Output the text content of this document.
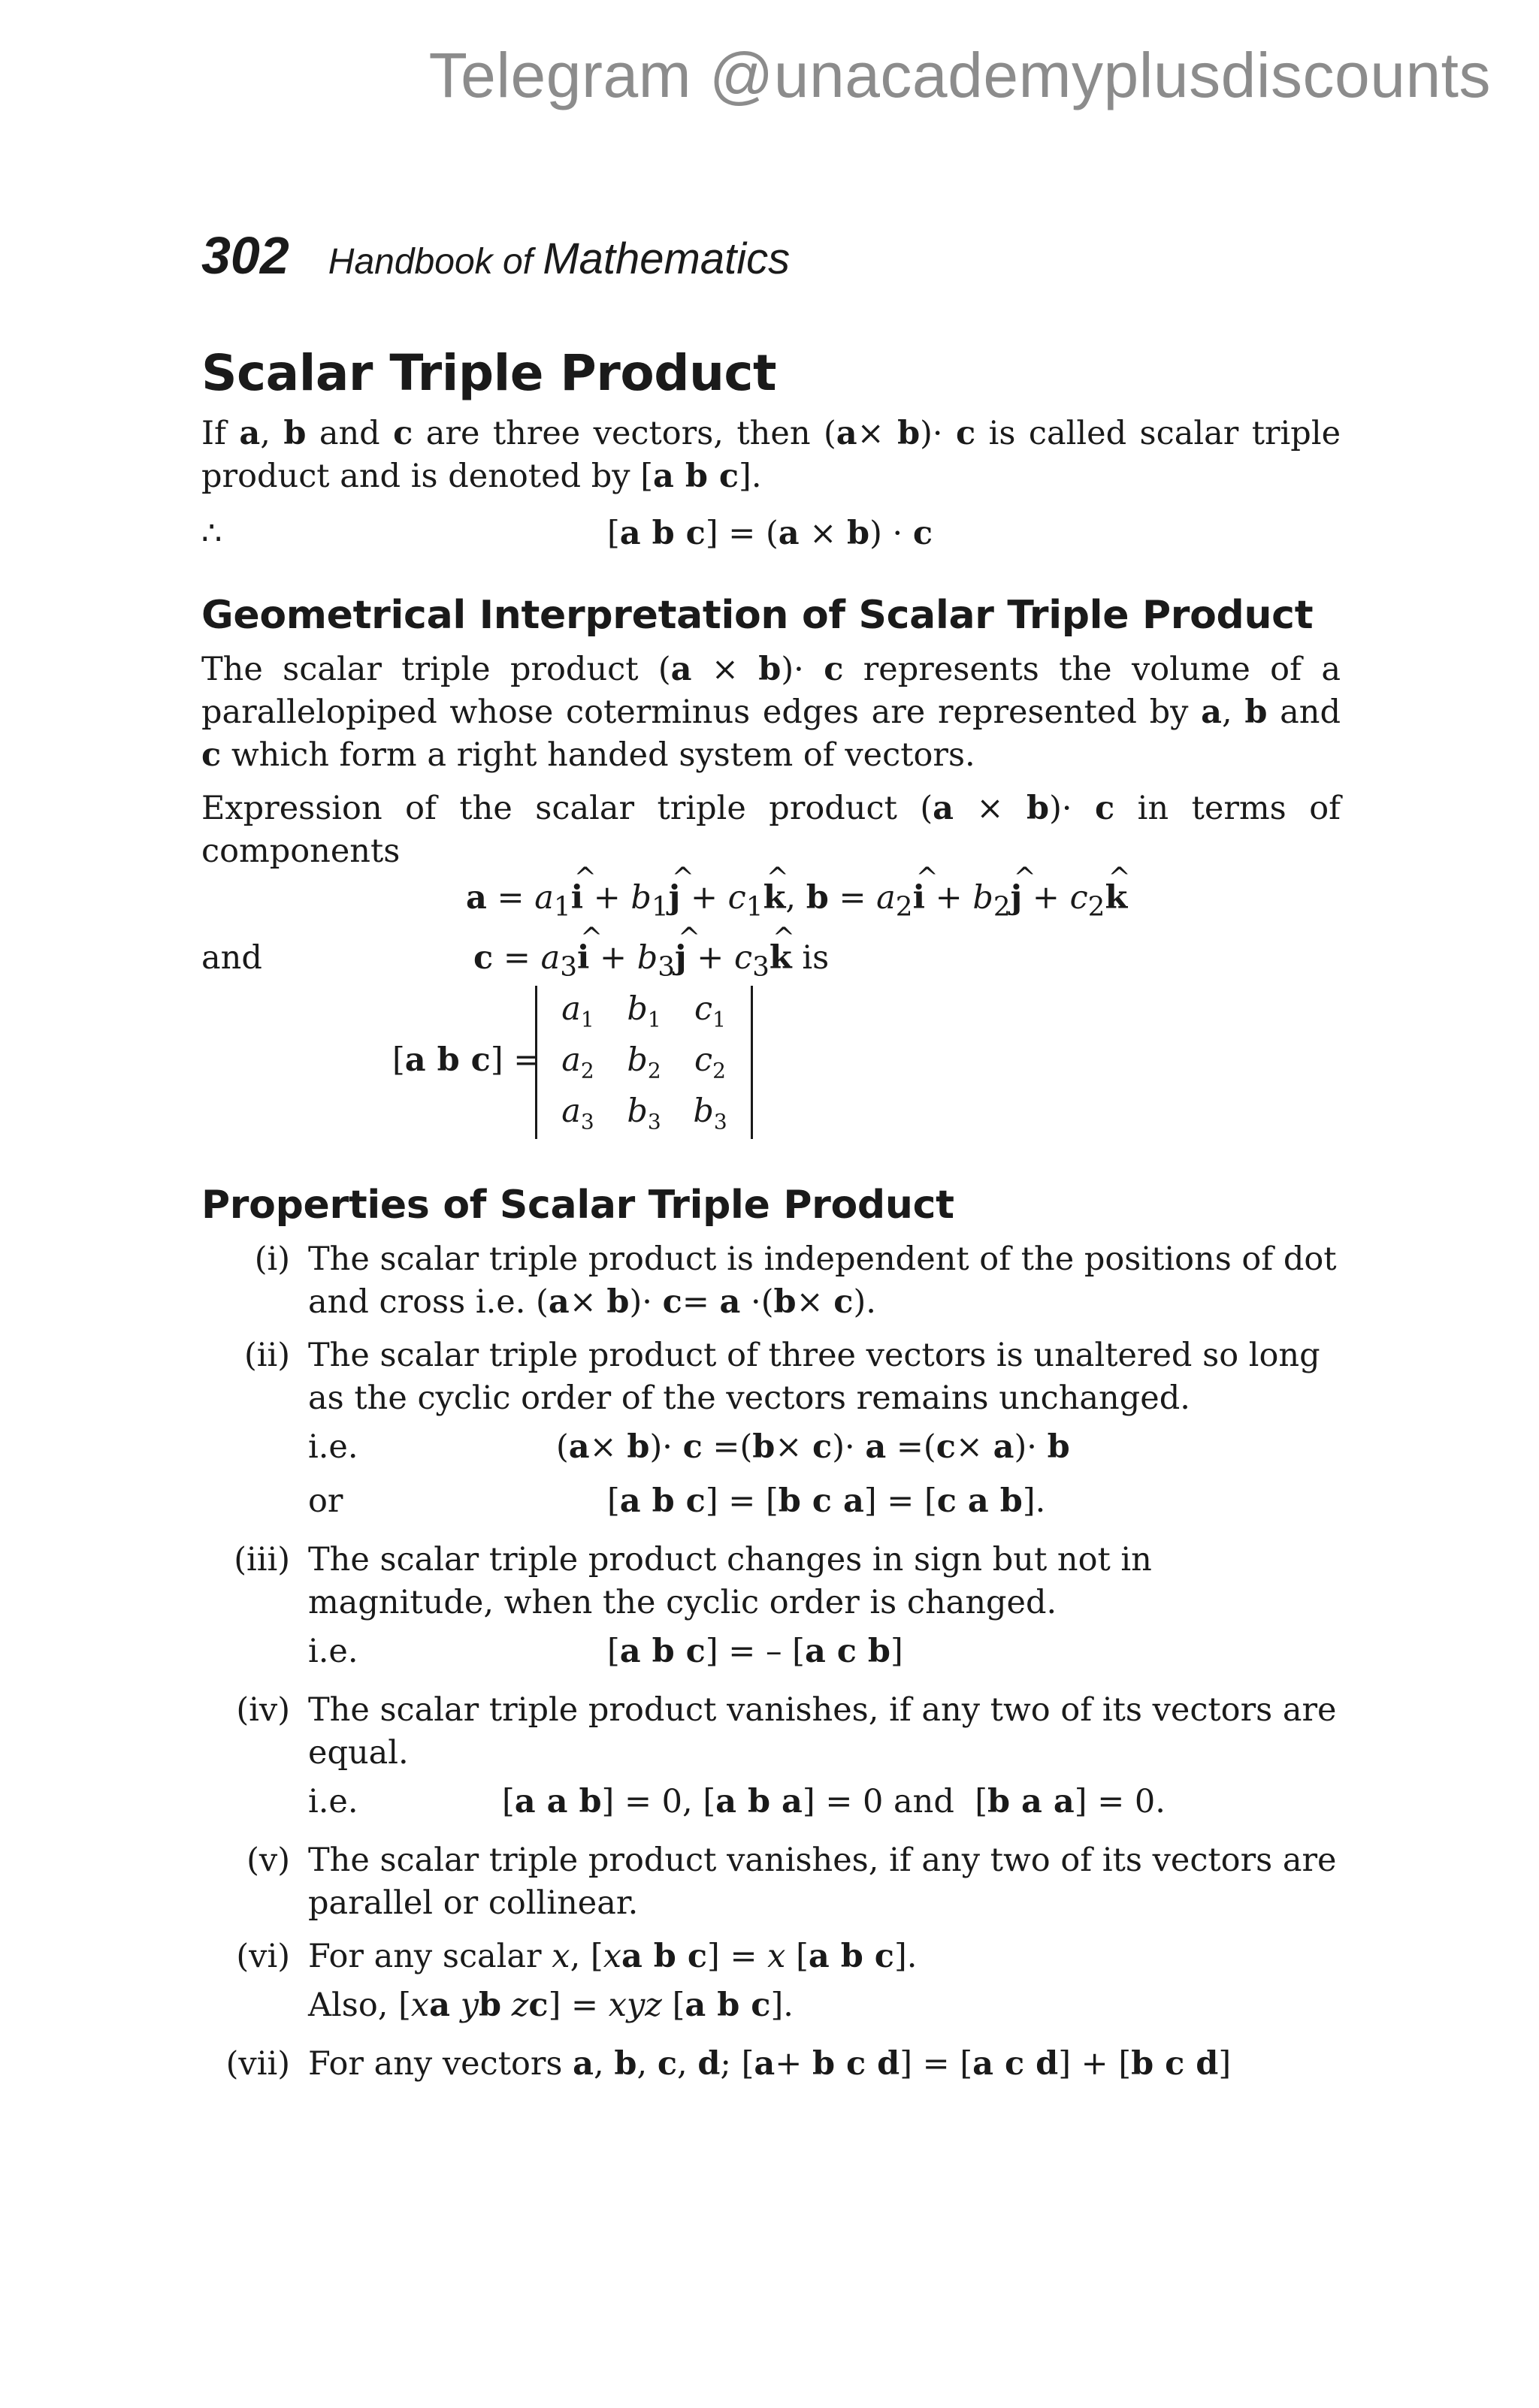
Telegram @unacademyplusdiscounts
302 Handbook of Mathematics
Scalar Triple Product

If a, b and c are three vectors, then (a× b)· c is called scalar triple product and is denoted by [a b c].

∴	[a b c] = (a × b) · c
Geometrical Interpretation of Scalar Triple Product

The scalar triple product (a × b)· c represents the volume of a parallelopiped whose coterminus edges are represented by a, b and c which form a right handed system of vectors.

Expression of the scalar triple product (a × b)· c in terms of components

$a = a_1\^{}$ $i + b_1\^{}$ $j + c_1\^{}$ k, $b = a_2\^{}$ $i + b_2\^{}$ $j + c_2\^{}$ k
and	$c = a_3\^{}$ $i + b_3\^{}$ $j + c_3\^{}$ k is
[a b c] =
$a_1$	$b_1$	$c_1$
$a_2$	$b_2$	$c_2$
$a_3$	$b_3$	$b_3$
Properties of Scalar Triple Product
(i) The scalar triple product is independent of the positions of dot and cross i.e. (a× b)· c= a ·(b× c).
(ii) The scalar triple product of three vectors is unaltered so long as the cyclic order of the vectors remains unchanged.
i.e.	(a× b)· c =(b× c)· a =(c× a)· b
or	[a b c] = [b c a] = [c a b].
(iii) The scalar triple product changes in sign but not in magnitude, when the cyclic order is changed.
i.e.	[a b c] = – [a c b]
(iv) The scalar triple product vanishes, if any two of its vectors are equal.
i.e.	[a a b] = 0, [a b a] = 0 and  [b a a] = 0.
(v) The scalar triple product vanishes, if any two of its vectors are parallel or collinear.
(vi) For any scalar x, [xa b c] = x [a b c].
Also, [xa yb zc] = xyz [a b c].
(vii) For any vectors a, b, c, d; [a+ b c d] = [a c d] + [b c d]
